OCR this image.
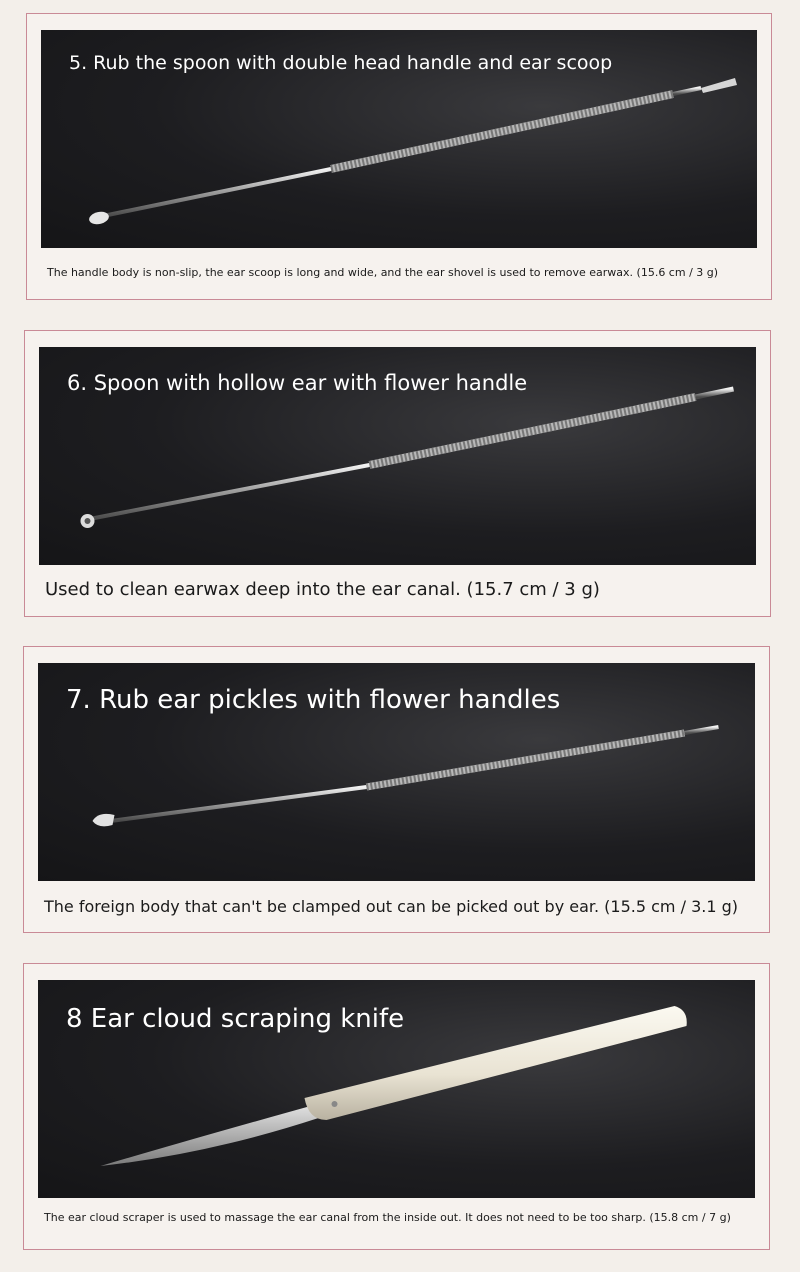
5. Rub the spoon with double head handle and ear scoop
The handle body is non-slip, the ear scoop is long and wide, and the ear shovel is used to remove earwax. (15.6 cm / 3 g)
6. Spoon with hollow ear with flower handle
Used to clean earwax deep into the ear canal. (15.7 cm / 3 g)
7. Rub ear pickles with flower handles
The foreign body that can't be clamped out can be picked out by ear. (15.5 cm / 3.1 g)
8 Ear cloud scraping knife
The ear cloud scraper is used to massage the ear canal from the inside out. It does not need to be too sharp. (15.8 cm / 7 g)
